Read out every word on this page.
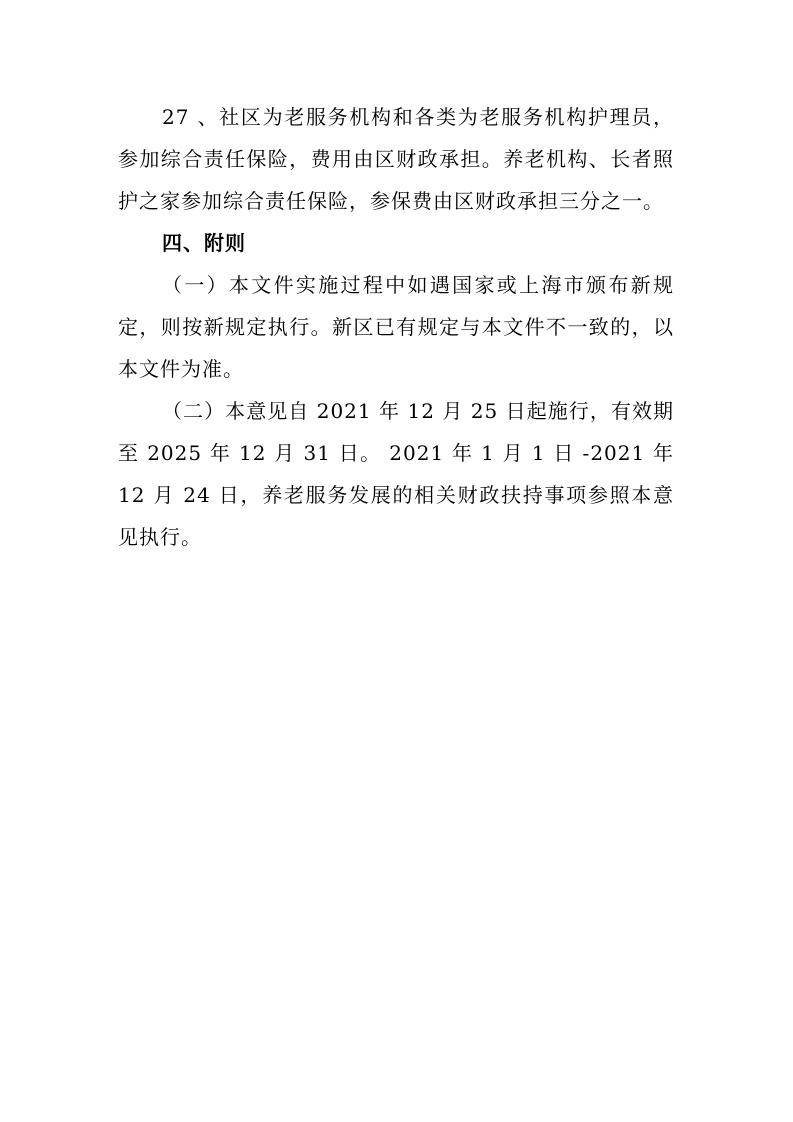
27 、社区为老服务机构和各类为老服务机构护理员，参加综合责任保险，费用由区财政承担。养老机构、长者照护之家参加综合责任保险，参保费由区财政承担三分之一。

四、附则

（一）本文件实施过程中如遇国家或上海市颁布新规定，则按新规定执行。新区已有规定与本文件不一致的，以本文件为准。

（二）本意见自 2021 年 12 月 25 日起施行，有效期至 2025 年 12 月 31 日。 2021 年 1 月 1 日 -2021 年 12 月 24 日，养老服务发展的相关财政扶持事项参照本意见执行。
